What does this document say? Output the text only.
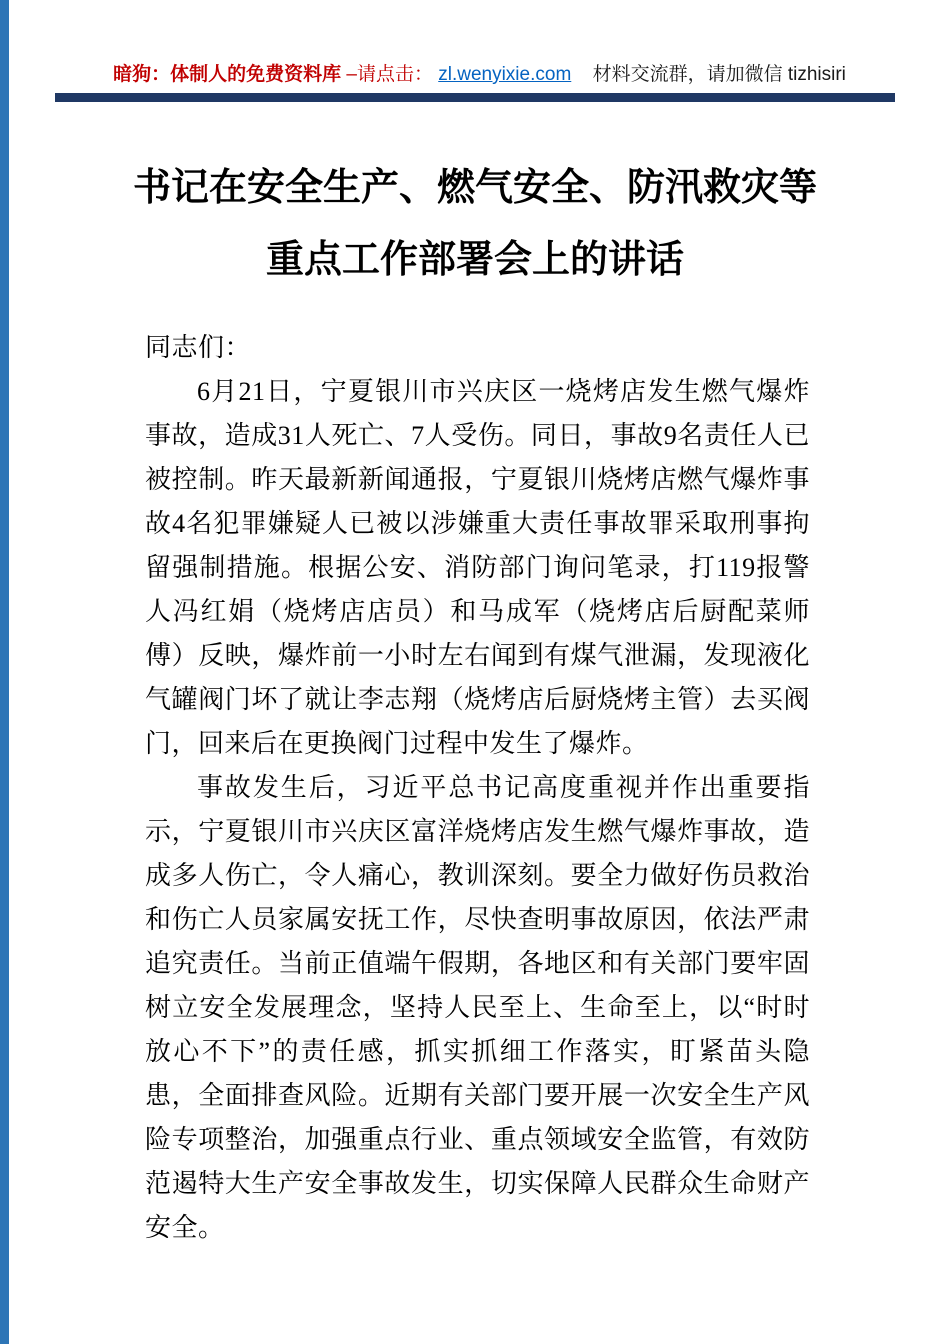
暗狗：体制人的免费资料库 –请点击： zl.wenyixie.com 材料交流群，请加微信 tizhisiri
书记在安全生产、燃气安全、防汛救灾等
重点工作部署会上的讲话

同志们：

6月21日，宁夏银川市兴庆区一烧烤店发生燃气爆炸事故，造成31人死亡、7人受伤。同日，事故9名责任人已被控制。昨天最新新闻通报，宁夏银川烧烤店燃气爆炸事故4名犯罪嫌疑人已被以涉嫌重大责任事故罪采取刑事拘留强制措施。根据公安、消防部门询问笔录，打119报警人冯红娟（烧烤店店员）和马成军（烧烤店后厨配菜师傅）反映，爆炸前一小时左右闻到有煤气泄漏，发现液化气罐阀门坏了就让李志翔（烧烤店后厨烧烤主管）去买阀门，回来后在更换阀门过程中发生了爆炸。

事故发生后，习近平总书记高度重视并作出重要指示，宁夏银川市兴庆区富洋烧烤店发生燃气爆炸事故，造成多人伤亡，令人痛心，教训深刻。要全力做好伤员救治和伤亡人员家属安抚工作，尽快查明事故原因，依法严肃追究责任。当前正值端午假期，各地区和有关部门要牢固树立安全发展理念，坚持人民至上、生命至上，以“时时放心不下”的责任感，抓实抓细工作落实，盯紧苗头隐患，全面排查风险。近期有关部门要开展一次安全生产风险专项整治，加强重点行业、重点领域安全监管，有效防范遏特大生产安全事故发生，切实保障人民群众生命财产安全。
